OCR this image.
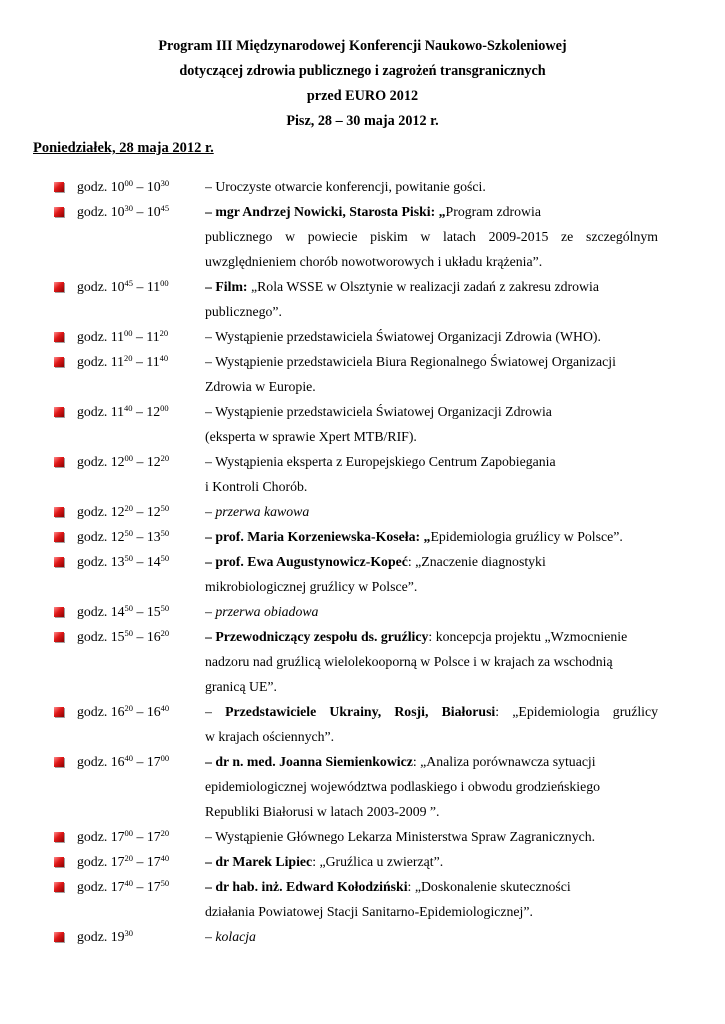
Program III Międzynarodowej Konferencji Naukowo-Szkoleniowej
dotyczącej zdrowia publicznego i zagrożeń transgranicznych
przed EURO 2012
Pisz, 28 – 30 maja 2012 r.

Poniedziałek, 28 maja 2012 r.

godz. $10^{00} - 10^{30}$	– Uroczyste otwarcie konferencji, powitanie gości.
godz. $10^{30} - 10^{45}$	– mgr Andrzej Nowicki, Starosta Piski: „Program zdrowia
publicznego w powiecie piskim w latach 2009-2015 ze szczególnym
uwzględnieniem chorób nowotworowych i układu krążenia”.
godz. $10^{45} - 11^{00}$	– Film: „Rola WSSE w Olsztynie w realizacji zadań z zakresu zdrowia
publicznego”.
godz. $11^{00} - 11^{20}$	– Wystąpienie przedstawiciela Światowej Organizacji Zdrowia (WHO).
godz. $11^{20} - 11^{40}$	– Wystąpienie przedstawiciela Biura Regionalnego Światowej Organizacji
Zdrowia w Europie.
godz. $11^{40} - 12^{00}$	– Wystąpienie przedstawiciela Światowej Organizacji Zdrowia
(eksperta w sprawie Xpert MTB/RIF).
godz. $12^{00} - 12^{20}$	– Wystąpienia eksperta z Europejskiego Centrum Zapobiegania
i Kontroli Chorób.
godz. $12^{20} - 12^{50}$	– przerwa kawowa
godz. $12^{50} - 13^{50}$	– prof. Maria Korzeniewska-Koseła: „Epidemiologia gruźlicy w Polsce”.
godz. $13^{50} - 14^{50}$	– prof. Ewa Augustynowicz-Kopeć: „Znaczenie diagnostyki
mikrobiologicznej gruźlicy w Polsce”.
godz. $14^{50} - 15^{50}$	– przerwa obiadowa
godz. $15^{50} - 16^{20}$	– Przewodniczący zespołu ds. gruźlicy: koncepcja projektu „Wzmocnienie
nadzoru nad gruźlicą wielolekooporną w Polsce i w krajach za wschodnią
granicą UE”.
godz. $16^{20} - 16^{40}$	– Przedstawiciele Ukrainy, Rosji, Białorusi: „Epidemiologia gruźlicy
w krajach ościennych”.
godz. $16^{40} - 17^{00}$	– dr n. med. Joanna Siemienkowicz: „Analiza porównawcza sytuacji
epidemiologicznej województwa podlaskiego i obwodu grodzieńskiego
Republiki Białorusi w latach 2003-2009 ”.
godz. $17^{00} - 17^{20}$	– Wystąpienie Głównego Lekarza Ministerstwa Spraw Zagranicznych.
godz. $17^{20} - 17^{40}$	– dr Marek Lipiec: „Gruźlica u zwierząt”.
godz. $17^{40} - 17^{50}$	– dr hab. inż. Edward Kołodziński: „Doskonalenie skuteczności
działania Powiatowej Stacji Sanitarno-Epidemiologicznej”.
godz. $19^{30}$	– kolacja
